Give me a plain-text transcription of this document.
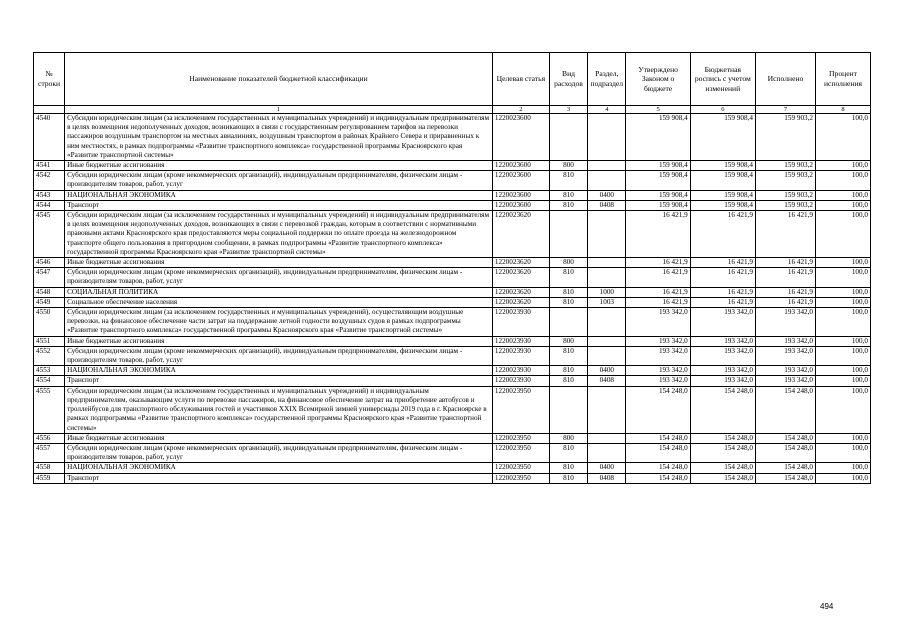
№ строки	Наименование показателей бюджетной классификации	Целевая статья	Вид расходов	Раздел, подраздел	Утверждено Законом о бюджете	Бюджетная роспись с учетом изменений	Исполнено	Процент исполнения
	1	2	3	4	5	6	7	8
4540	Субсидии юридическим лицам (за исключением государственных и муниципальных учреждений) и индивидуальным предпринимателям в целях возмещения недополученных доходов, возникающих в связи с государственным регулированием тарифов на перевозки пассажиров воздушным транспортом на местных авиалиниях, воздушным транспортом в районах Крайнего Севера и приравненных к ним местностях, в рамках подпрограммы «Развитие транспортного комплекса» государственной программы Красноярского края «Развитие транспортной системы»	1220023600			159 908,4	159 908,4	159 903,2	100,0
4541	Иные бюджетные ассигнования	1220023600	800		159 908,4	159 908,4	159 903,2	100,0
4542	Субсидии юридическим лицам (кроме некоммерческих организаций), индивидуальным предпринимателям, физическим лицам - производителям товаров, работ, услуг	1220023600	810		159 908,4	159 908,4	159 903,2	100,0
4543	НАЦИОНАЛЬНАЯ ЭКОНОМИКА	1220023600	810	0400	159 908,4	159 908,4	159 903,2	100,0
4544	Транспорт	1220023600	810	0408	159 908,4	159 908,4	159 903,2	100,0
4545	Субсидии юридическим лицам (за исключением государственных и муниципальных учреждений) и индивидуальным предпринимателям в целях возмещения недополученных доходов, возникающих в связи с перевозкой граждан, которым в соответствии с нормативными правовыми актами Красноярского края предоставляются меры социальной поддержки по оплате проезда на железнодорожном транспорте общего пользования в пригородном сообщении, в рамках подпрограммы «Развитие транспортного комплекса» государственной программы Красноярского края «Развитие транспортной системы»	1220023620			16 421,9	16 421,9	16 421,9	100,0
4546	Иные бюджетные ассигнования	1220023620	800		16 421,9	16 421,9	16 421,9	100,0
4547	Субсидии юридическим лицам (кроме некоммерческих организаций), индивидуальным предпринимателям, физическим лицам - производителям товаров, работ, услуг	1220023620	810		16 421,9	16 421,9	16 421,9	100,0
4548	СОЦИАЛЬНАЯ ПОЛИТИКА	1220023620	810	1000	16 421,9	16 421,9	16 421,9	100,0
4549	Социальное обеспечение населения	1220023620	810	1003	16 421,9	16 421,9	16 421,9	100,0
4550	Субсидии юридическим лицам (за исключением государственных и муниципальных учреждений), осуществляющим воздушные перевозки, на финансовое обеспечение части затрат на поддержание летной годности воздушных судов в рамках подпрограммы «Развитие транспортного комплекса» государственной программы Красноярского края «Развитие транспортной системы»	1220023930			193 342,0	193 342,0	193 342,0	100,0
4551	Иные бюджетные ассигнования	1220023930	800		193 342,0	193 342,0	193 342,0	100,0
4552	Субсидии юридическим лицам (кроме некоммерческих организаций), индивидуальным предпринимателям, физическим лицам - производителям товаров, работ, услуг	1220023930	810		193 342,0	193 342,0	193 342,0	100,0
4553	НАЦИОНАЛЬНАЯ ЭКОНОМИКА	1220023930	810	0400	193 342,0	193 342,0	193 342,0	100,0
4554	Транспорт	1220023930	810	0408	193 342,0	193 342,0	193 342,0	100,0
4555	Субсидии юридическим лицам (за исключением государственных и муниципальных учреждений) и индивидуальным предпринимателям, оказывающим услуги по перевозке пассажиров, на финансовое обеспечение затрат на приобретение автобусов и троллейбусов для транспортного обслуживания гостей и участников XXIX Всемирной зимней универсиады 2019 года в г. Красноярске в рамках подпрограммы «Развитие транспортного комплекса» государственной программы Красноярского края «Развитие транспортной системы»	1220023950			154 248,0	154 248,0	154 248,0	100,0
4556	Иные бюджетные ассигнования	1220023950	800		154 248,0	154 248,0	154 248,0	100,0
4557	Субсидии юридическим лицам (кроме некоммерческих организаций), индивидуальным предпринимателям, физическим лицам - производителям товаров, работ, услуг	1220023950	810		154 248,0	154 248,0	154 248,0	100,0
4558	НАЦИОНАЛЬНАЯ ЭКОНОМИКА	1220023950	810	0400	154 248,0	154 248,0	154 248,0	100,0
4559	Транспорт	1220023950	810	0408	154 248,0	154 248,0	154 248,0	100,0
494
